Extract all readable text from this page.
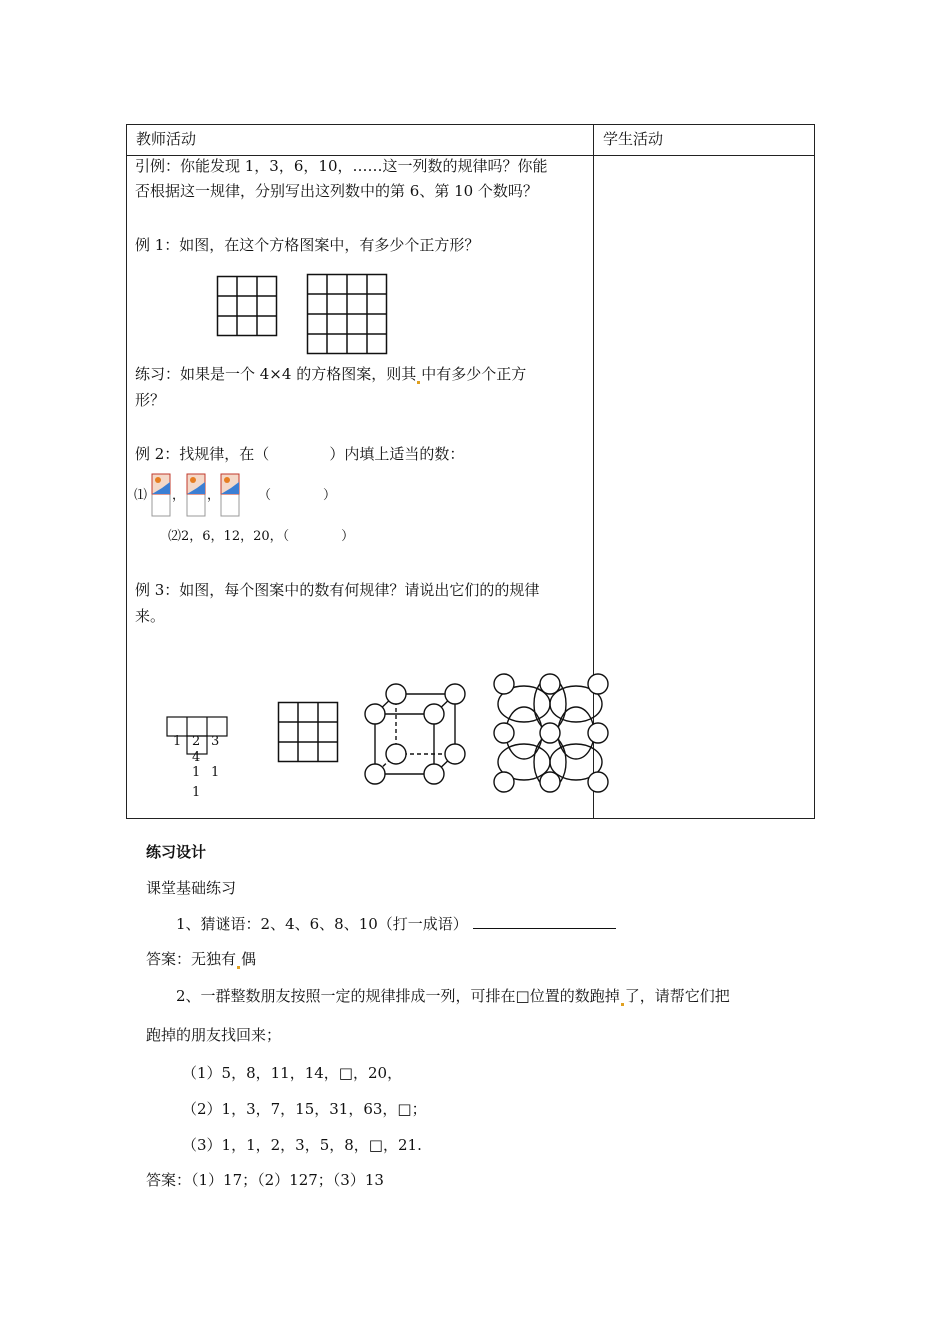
教师活动	学生活动
引例：你能发现 1，3，6，10，……这一列数的规律吗？你能
否根据这一规律，分别写出这列数中的第 6、第 10 个数吗？
例 1：如图，在这个方格图案中，有多少个正方形？
练习：如果是一个 4×4 的方格图案，则其 中有多少个正方
形？
例 2：找规律，在（　　　　）内填上适当的数：
⑴ ， ，	（　　　　）
⑵2，6，12，20，（　　　　）
例 3：如图，每个图案中的数有何规律？请说出它们的的规律
来。
1 2 3
4
1 1
1
练习设计
课堂基础练习
1、猜谜语：2、4、6、8、10（打一成语）
答案：无独有 偶
2、一群整数朋友按照一定的规律排成一列，可排在□位置的数跑掉 了，请帮它们把
跑掉的朋友找回来；
（1）5，8，11，14，□，20，
（2）1，3，7，15，31，63，□；
（3）1，1，2，3，5，8，□，21.
答案：（1）17；（2）127；（3）13
